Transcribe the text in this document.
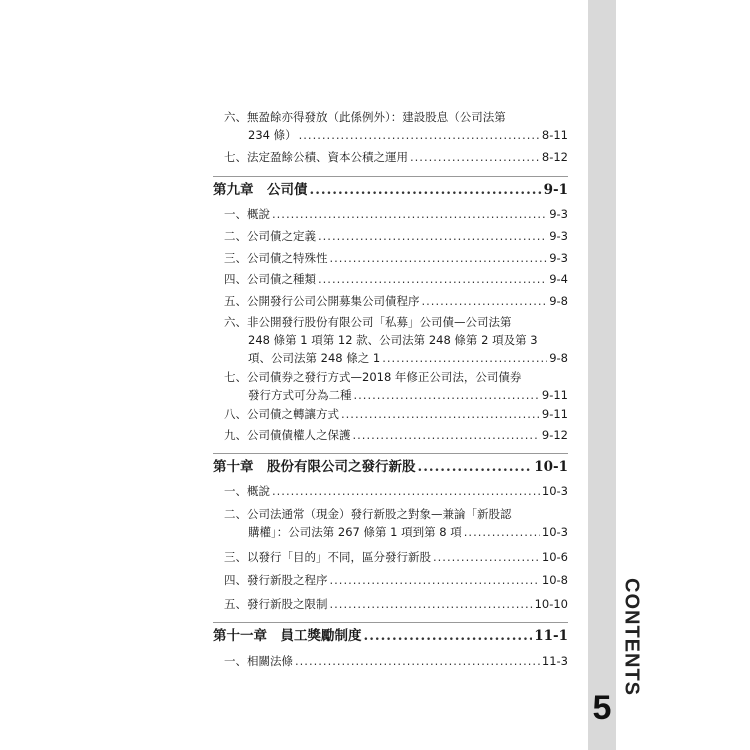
CONTENTS
5
六、無盈餘亦得發放（此係例外）：建設股息（公司法第
234 條） .....	8-11
七、法定盈餘公積、資本公積之運用 .....	8-12
第九章　公司債 .....	9-1
一、概說 .....	9-3
二、公司債之定義 .....	9-3
三、公司債之特殊性 .....	9-3
四、公司債之種類 .....	9-4
五、公開發行公司公開募集公司債程序 .....	9-8
六、非公開發行股份有限公司「私募」公司債—公司法第
248 條第 1 項第 12 款、公司法第 248 條第 2 項及第 3
項、公司法第 248 條之 1 .....	9-8
七、公司債券之發行方式—2018 年修正公司法，公司債券
發行方式可分為二種 .....	9-11
八、公司債之轉讓方式 .....	9-11
九、公司債債權人之保護 .....	9-12
第十章　股份有限公司之發行新股 .....	10-1
一、概說 .....	10-3
二、公司法通常（現金）發行新股之對象—兼論「新股認
購權」：公司法第 267 條第 1 項到第 8 項 .....	10-3
三、以發行「目的」不同，區分發行新股 .....	10-6
四、發行新股之程序 .....	10-8
五、發行新股之限制 .....	10-10
第十一章　員工獎勵制度 .....	11-1
一、相關法條 .....	11-3
